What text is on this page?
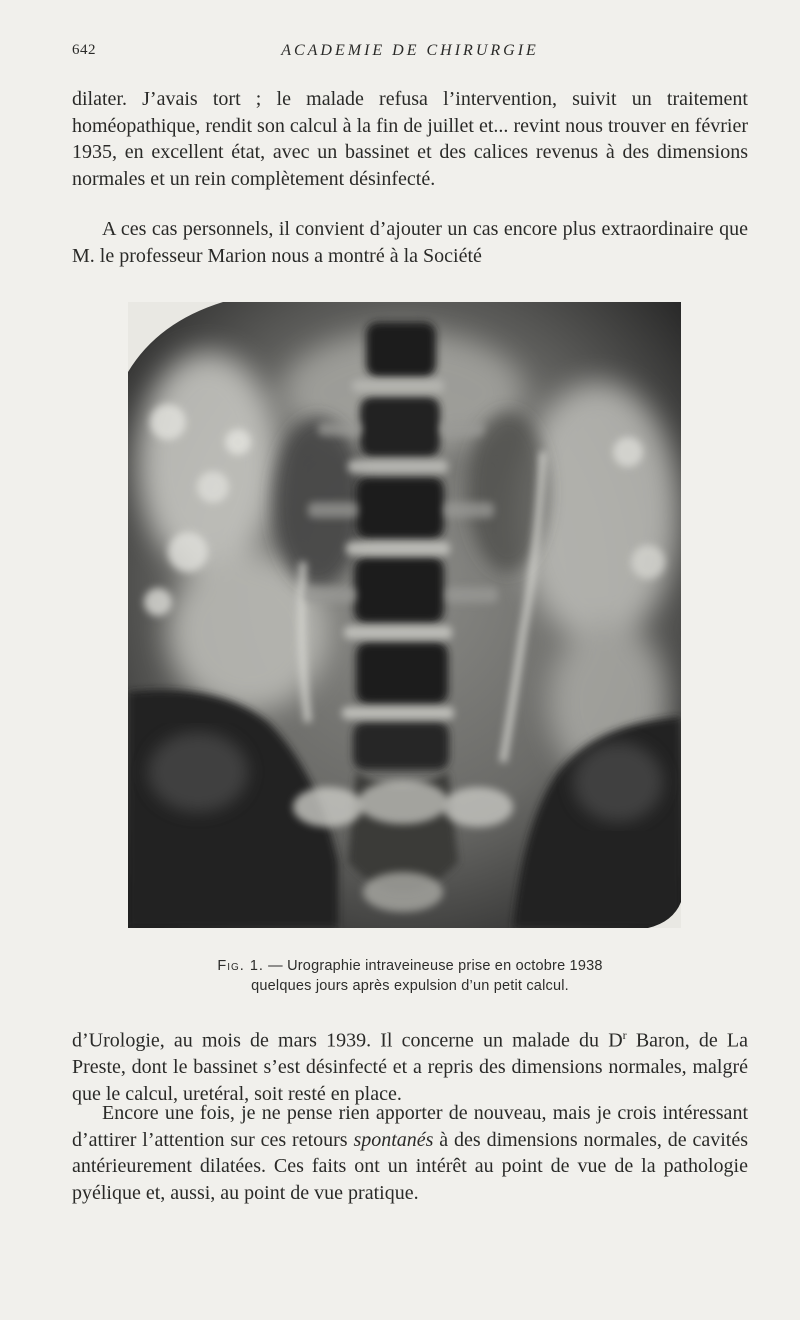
642	ACADEMIE DE CHIRURGIE

dilater. J’avais tort ; le malade refusa l’intervention, suivit un traitement homéopathique, rendit son calcul à la fin de juillet et... revint nous trouver en février 1935, en excellent état, avec un bassinet et des calices revenus à des dimensions normales et un rein complètement désinfecté.

A ces cas personnels, il convient d’ajouter un cas encore plus extraordinaire que M. le professeur Marion nous a montré à la Société

Fig. 1. — Urographie intraveineuse prise en octobre 1938
quelques jours après expulsion d’un petit calcul.

d’Urologie, au mois de mars 1939. Il concerne un malade du $D^r$ Baron, de La Preste, dont le bassinet s’est désinfecté et a repris des dimensions normales, malgré que le calcul, uretéral, soit resté en place.

Encore une fois, je ne pense rien apporter de nouveau, mais je crois intéressant d’attirer l’attention sur ces retours spontanés à des dimensions normales, de cavités antérieurement dilatées. Ces faits ont un intérêt au point de vue de la pathologie pyélique et, aussi, au point de vue pratique.
